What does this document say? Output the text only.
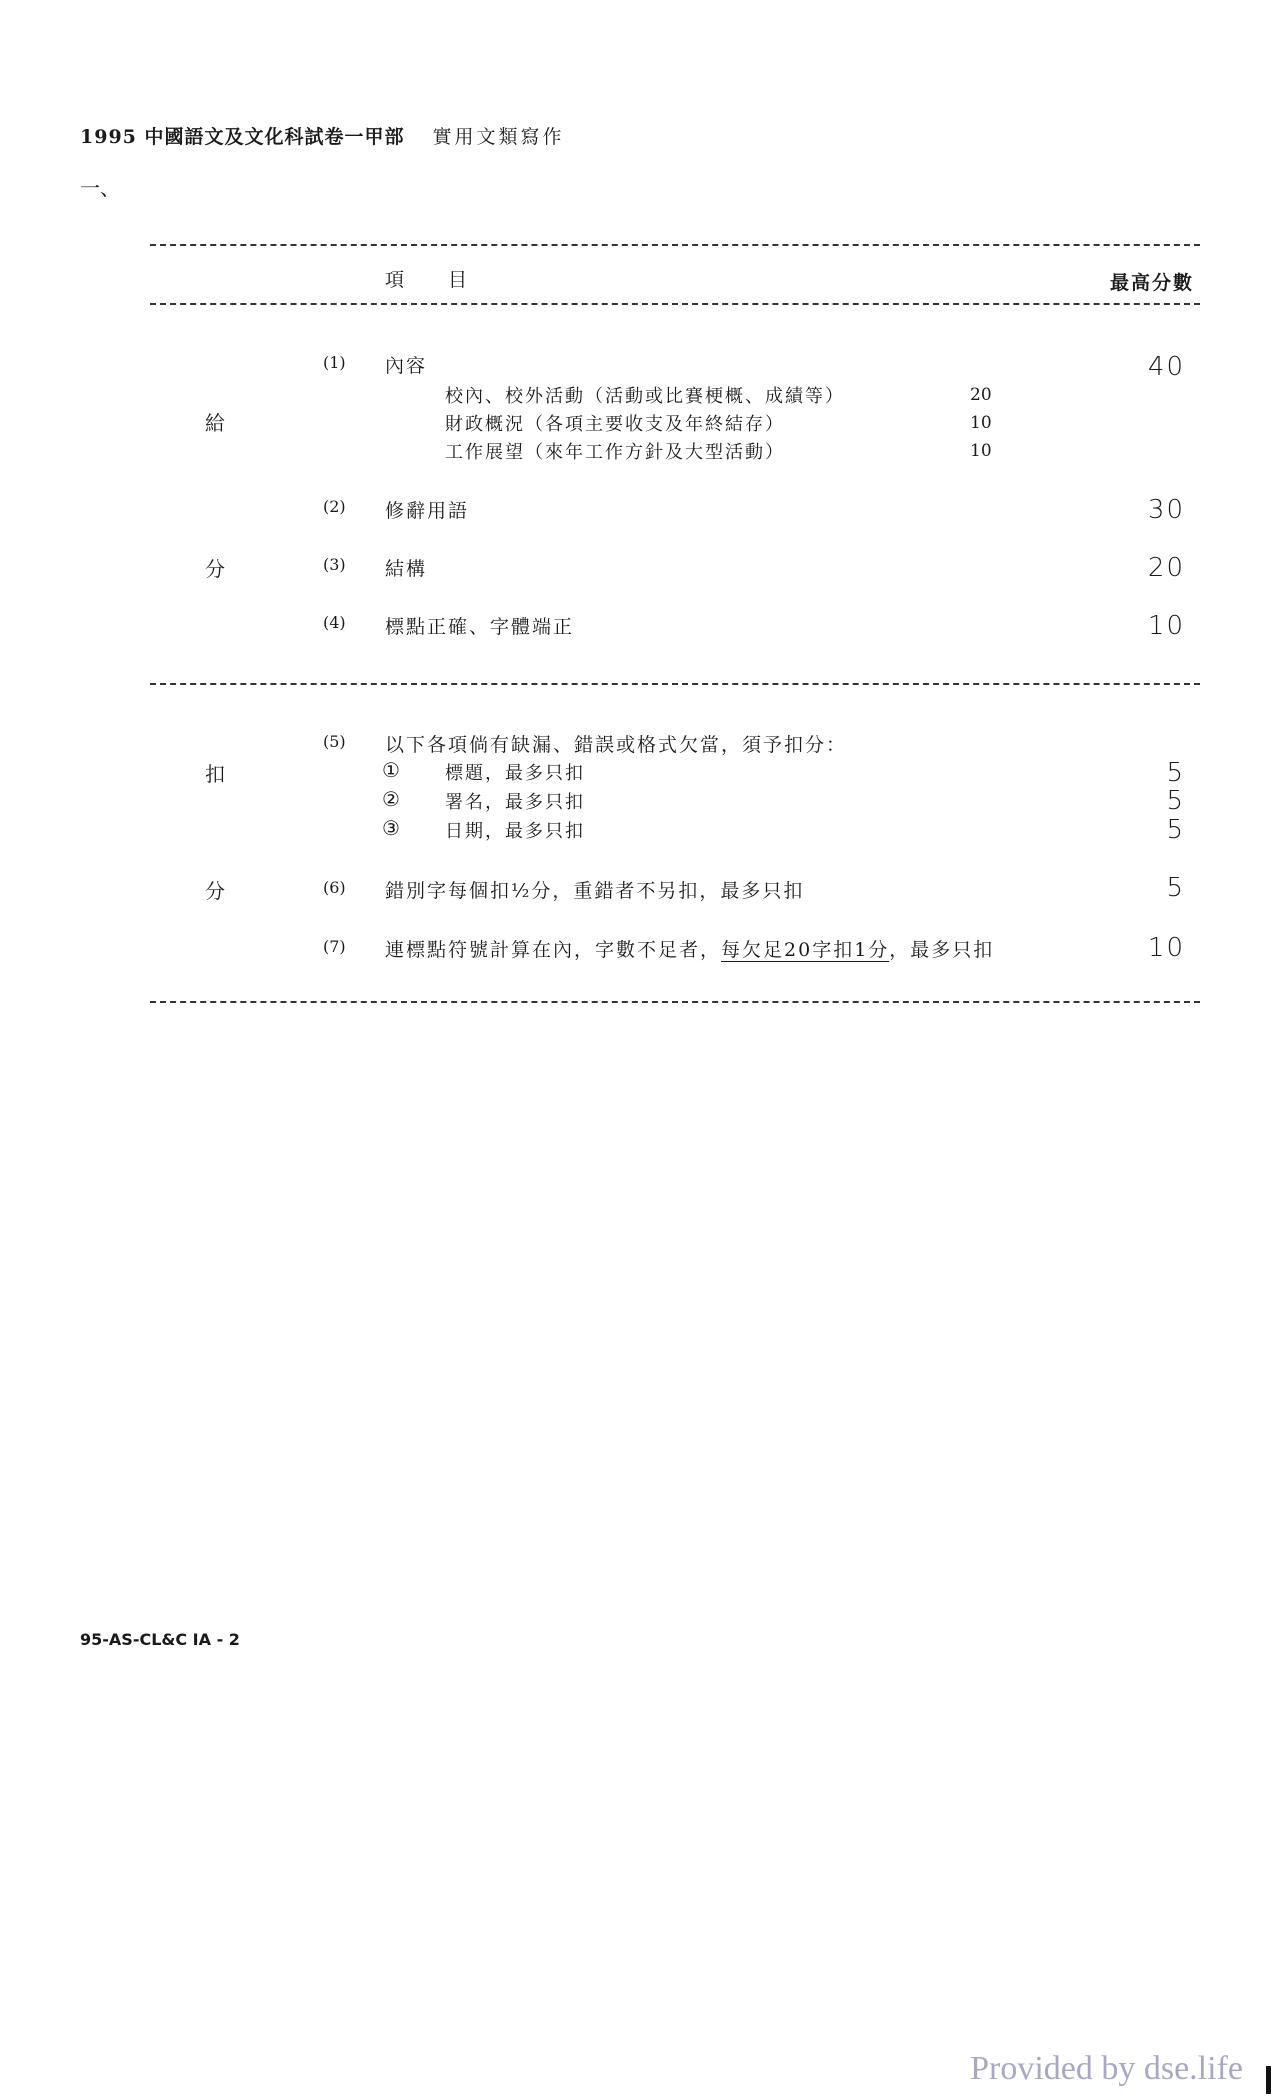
1995 中國語文及文化科試卷一甲部 實用文類寫作
一、
項　　目	最高分數
給
分
(1) 內容	40
校內、校外活動（活動或比賽梗概、成績等）	20
財政概況（各項主要收支及年終結存）	10
工作展望（來年工作方針及大型活動）	10
(2) 修辭用語	30
(3) 結構	20
(4) 標點正確、字體端正	10
扣
分
(5) 以下各項倘有缺漏、錯誤或格式欠當，須予扣分：
①	標題，最多只扣	5
②	署名，最多只扣	5
③	日期，最多只扣	5
(6) 錯別字每個扣½分，重錯者不另扣，最多只扣	5
(7) 連標點符號計算在內，字數不足者，每欠足20字扣1分，最多只扣	10
95-AS-CL&C IA - 2
Provided by dse.life
